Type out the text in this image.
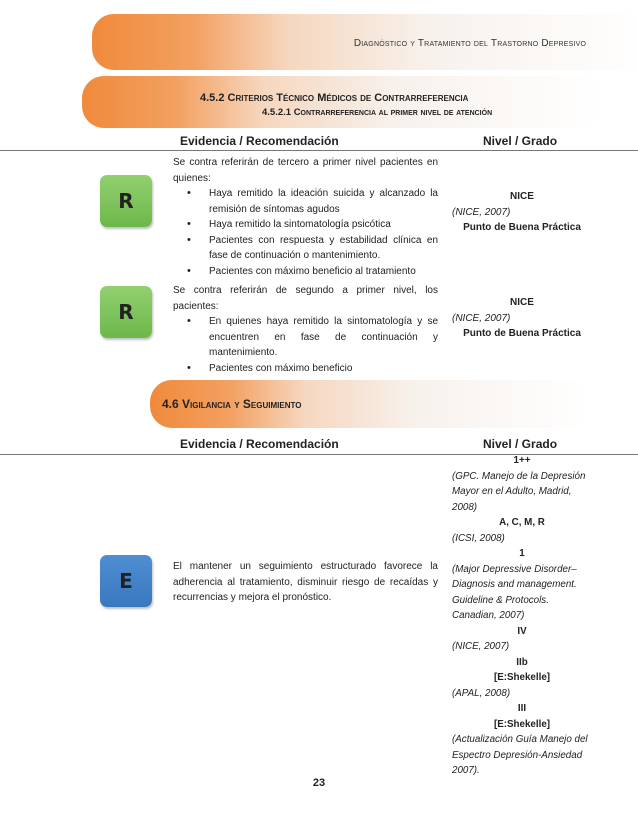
Diagnóstico y Tratamiento del Trastorno Depresivo
4.5.2 Criterios Técnico Médicos de Contrarreferencia
4.5.2.1 Contrarreferencia al primer nivel de atención
Evidencia / Recomendación	Nivel / Grado
R
Se contra referirán de tercero a primer nivel pacientes en quienes:
• Haya remitido la ideación suicida y alcanzado la remisión de síntomas agudos
• Haya remitido la sintomatología psicótica
• Pacientes con respuesta y estabilidad clínica en fase de continuación o mantenimiento.
• Pacientes con máximo beneficio al tratamiento
NICE
(NICE, 2007)
Punto de Buena Práctica
R
Se contra referirán de segundo a primer nivel, los pacientes:
• En quienes haya remitido la sintomatología y se encuentren en fase de continuación y mantenimiento.
• Pacientes con máximo beneficio
NICE
(NICE, 2007)
Punto de Buena Práctica
4.6 Vigilancia y Seguimiento
Evidencia / Recomendación	Nivel / Grado
E
El mantener un seguimiento estructurado favorece la adherencia al tratamiento, disminuir riesgo de recaídas y recurrencias y mejora el pronóstico.
1++
(GPC. Manejo de la Depresión Mayor en el Adulto, Madrid, 2008)
A, C, M, R
(ICSI, 2008)
1
(Major Depressive Disorder–Diagnosis and management. Guideline & Protocols. Canadian, 2007)
IV
(NICE, 2007)
IIb
[E:Shekelle]
(APAL, 2008)
III
[E:Shekelle]
(Actualización Guía Manejo del Espectro Depresión-Ansiedad 2007).
23
